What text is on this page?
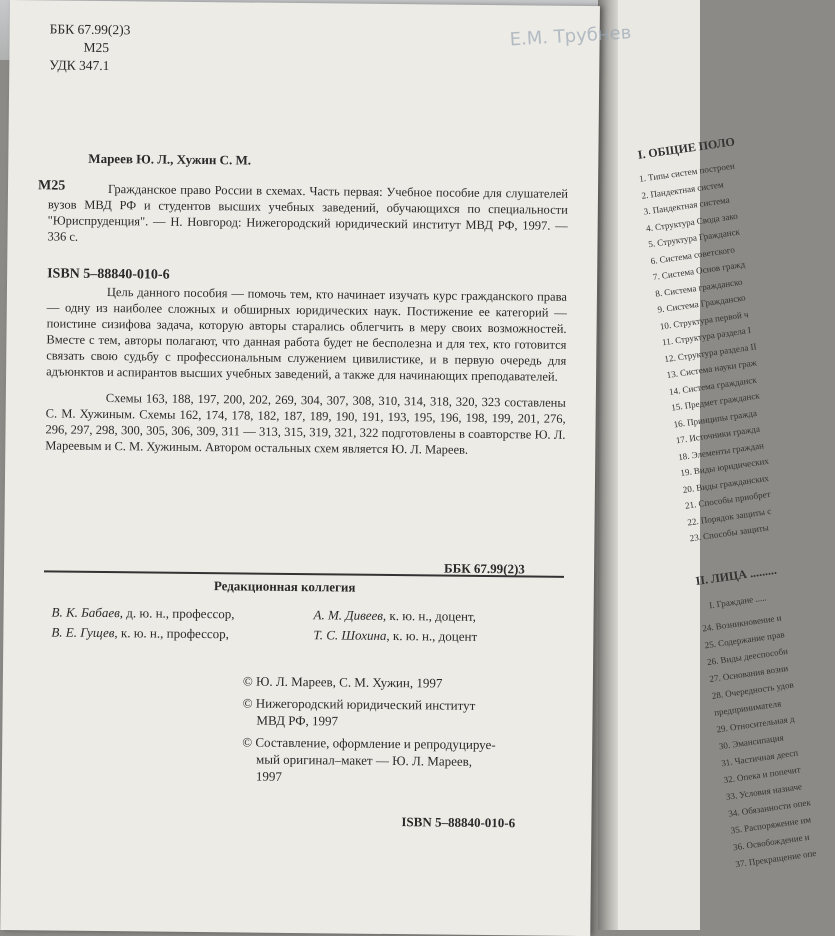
I. ОБЩИЕ ПОЛО
1. Типы систем построен
2. Пандектная систем
3. Пандектная система
4. Структура Свода зако
5. Структура Гражданск
6. Система советского
7. Система Основ гражд
8. Система гражданско
9. Система Гражданско
10. Структура первой ч
11. Структура раздела I
12. Структура раздела II
13. Система науки граж
14. Система гражданск
15. Предмет гражданск
16. Принципы гражда
17. Источники гражда
18. Элементы граждан
19. Виды юридических
20. Виды гражданских
21. Способы приобрет
22. Порядок защиты с
23. Способы защиты
II. ЛИЦА .........
I. Граждане .....
24. Возникновение и
25. Содержание прав
26. Виды дееспособн
27. Основания возни
28. Очередность удов
предпринимателя
29. Относительная д
30. Эмансипация
31. Частичная деесп
32. Опека и попечит
33. Условия назначе
34. Обязанности опек
35. Распоряжение им
36. Освобождение и
37. Прекращение опе
Е.М. Трубнев
ББК 67.99(2)3
М25
УДК 347.1
Мареев Ю. Л., Хужин С. М.
М25	Гражданское право России в схемах. Часть первая: Учебное пособие для слушателей вузов МВД РФ и студентов высших учебных заведений, обучающихся по специальности "Юриспруденция". — Н. Новгород: Нижегородский юридический институт МВД РФ, 1997. — 336 с.

ISBN 5–88840-010-6

Цель данного пособия — помочь тем, кто начинает изучать курс гражданского права — одну из наиболее сложных и обширных юридических наук. Постижение ее категорий — поистине сизифова задача, которую авторы старались облегчить в меру своих возможностей. Вместе с тем, авторы полагают, что данная работа будет не бесполезна и для тех, кто готовится связать свою судьбу с профессиональным служением цивилистике, и в первую очередь для адъюнктов и аспирантов высших учебных заведений, а также для начинающих преподавателей.

Схемы 163, 188, 197, 200, 202, 269, 304, 307, 308, 310, 314, 318, 320, 323 составлены С. М. Хужиным. Схемы 162, 174, 178, 182, 187, 189, 190, 191, 193, 195, 196, 198, 199, 201, 276, 296, 297, 298, 300, 305, 306, 309, 311 — 313, 315, 319, 321, 322 подготовлены в соавторстве Ю. Л. Мареевым и С. М. Хужиным. Автором остальных схем является Ю. Л. Мареев.

ББК 67.99(2)3
Редакционная коллегия
В. К. Бабаев, д. ю. н., профессор,	А. М. Дивеев, к. ю. н., доцент,
В. Е. Гущев, к. ю. н., профессор,	Т. С. Шохина, к. ю. н., доцент
© Ю. Л. Мареев, С. М. Хужин, 1997
© Нижегородский юридический институт
МВД РФ, 1997
© Составление, оформление и репродуцируе-
мый оригинал–макет — Ю. Л. Мареев,
1997
ISBN 5–88840-010-6
